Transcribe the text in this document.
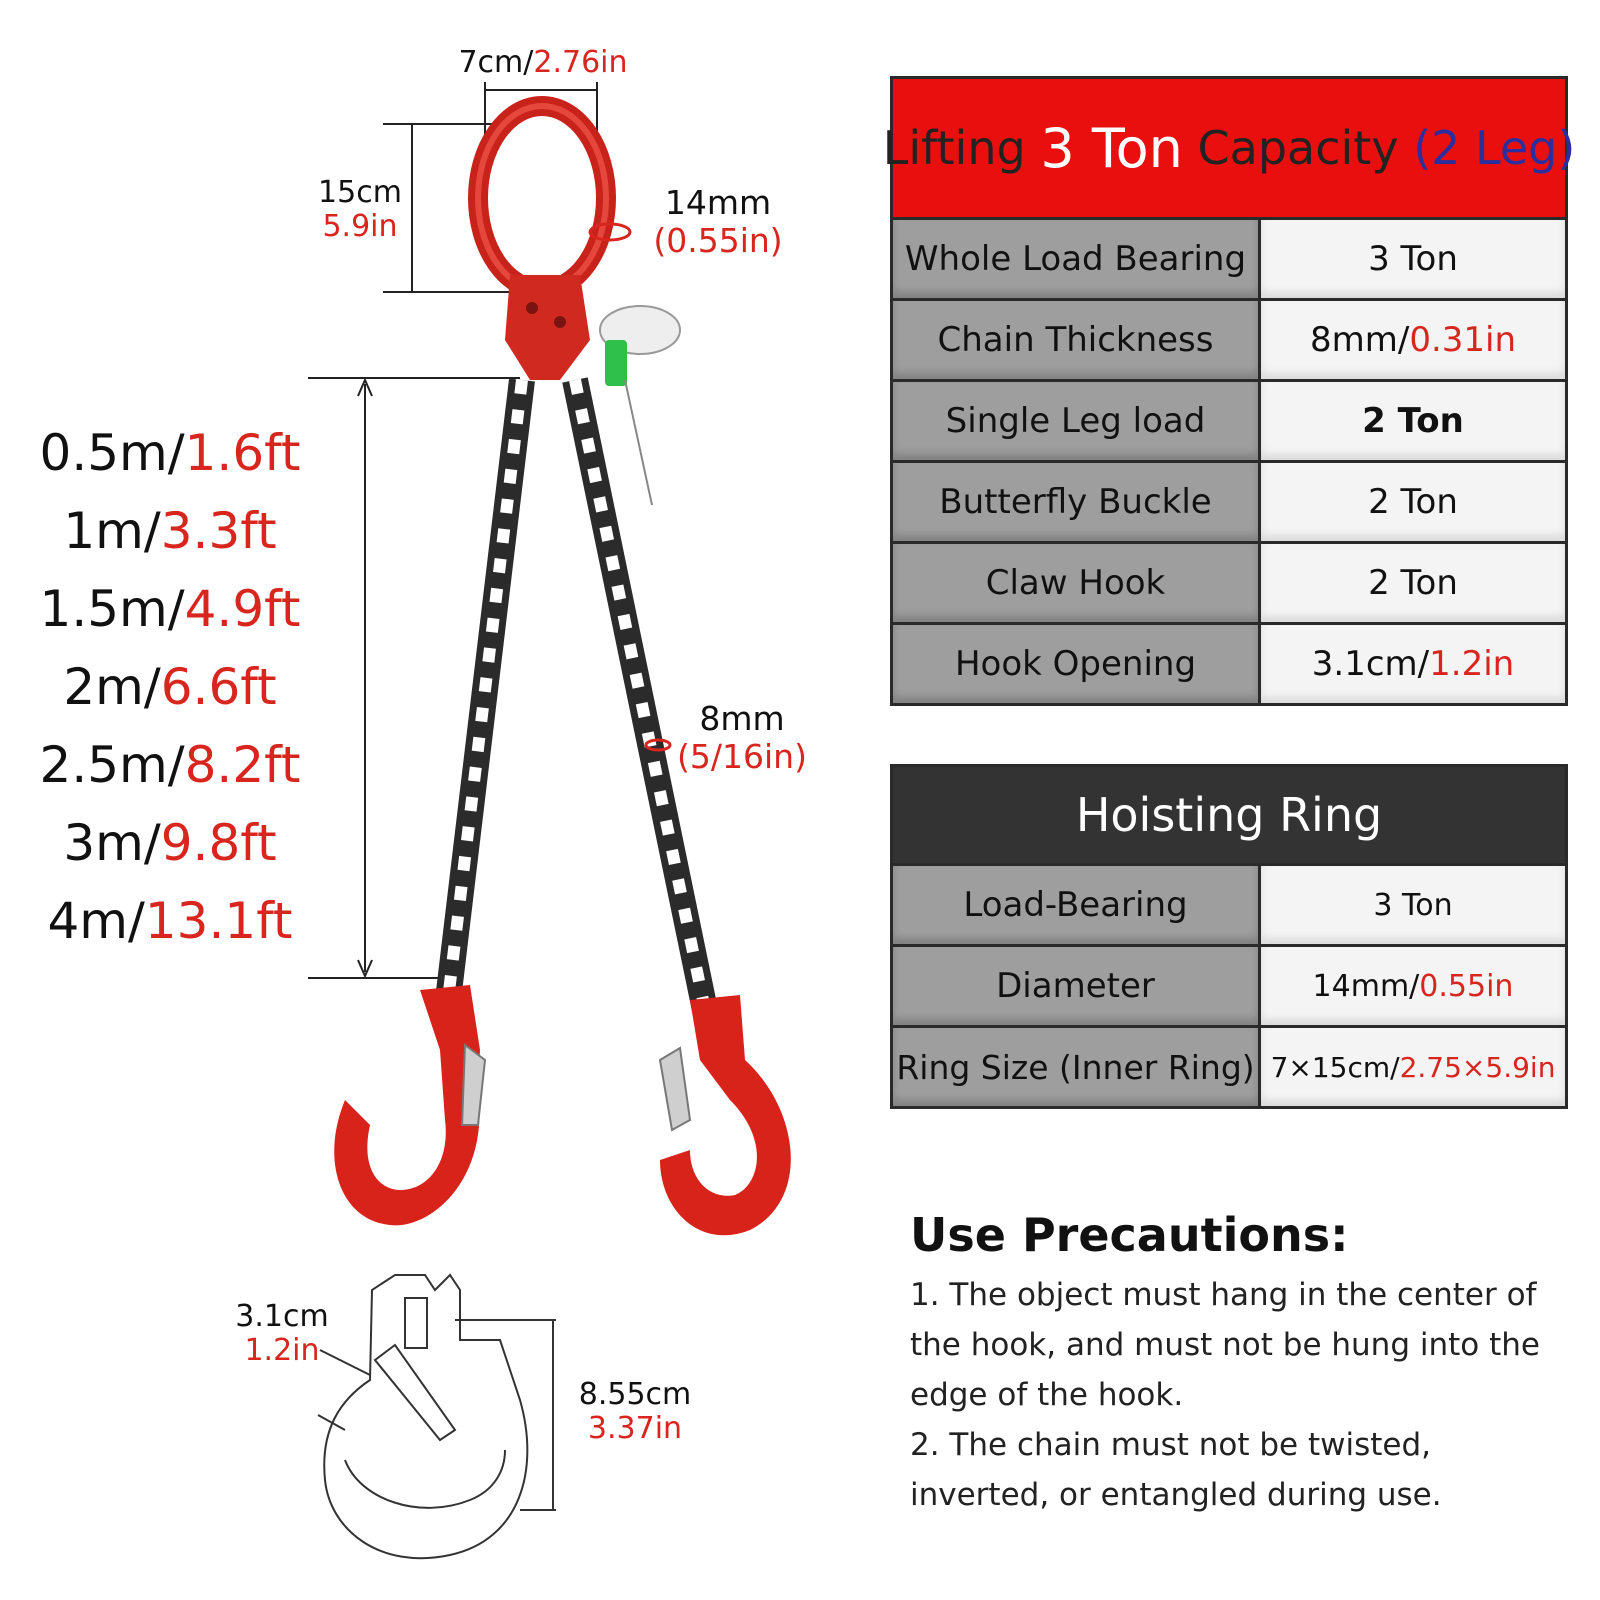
7cm/2.76in
15cm
5.9in
14mm
(0.55in)
8mm
(5/16in)
0.5m/1.6ft
1m/3.3ft
1.5m/4.9ft
2m/6.6ft
2.5m/8.2ft
3m/9.8ft
4m/13.1ft
3.1cm
1.2in
8.55cm
3.37in
Lifting
3 Ton
Capacity
(2 Leg)
Whole Load Bearing	3 Ton
Chain Thickness	8mm/ 0.31in
Single Leg load	2 Ton
Butterfly Buckle	2 Ton
Claw Hook	2 Ton
Hook Opening	3.1cm/ 1.2in
Hoisting Ring
Load-Bearing	3 Ton
Diameter	14mm/ 0.55in
Ring Size (Inner Ring) 7×15cm/ 2.75×5.9in
Use Precautions:

1. The object must hang in the center of the hook, and must not be hung into the edge of the hook.

2. The chain must not be twisted, inverted, or entangled during use.
